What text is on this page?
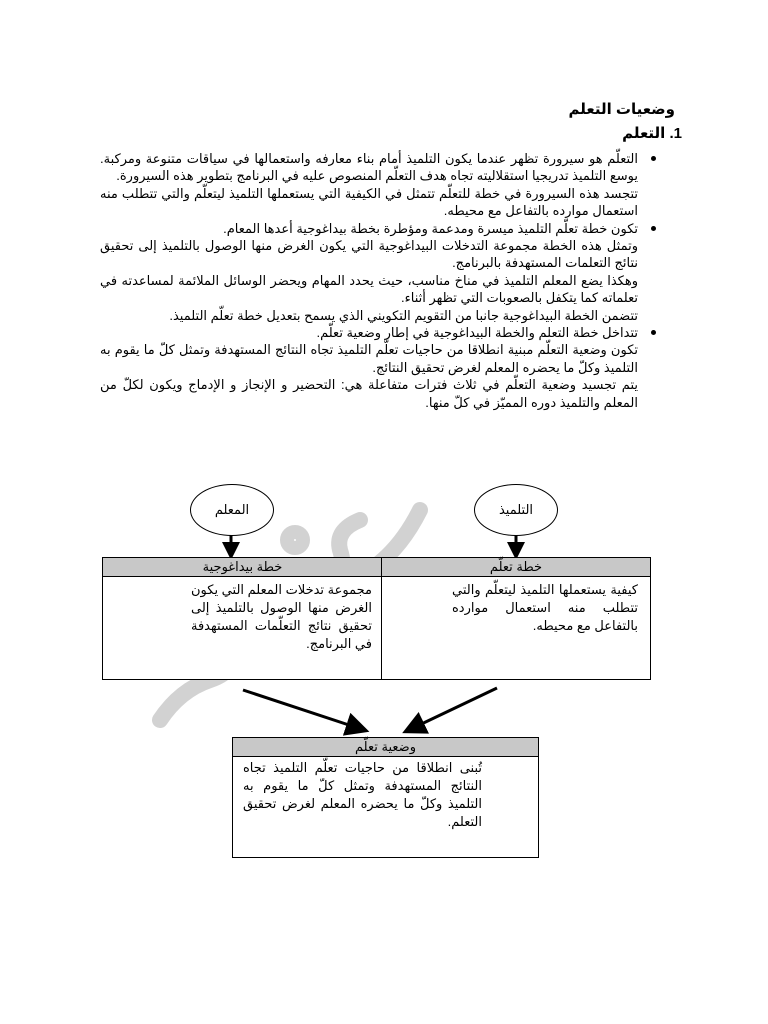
وضعيات التعلم
1. التعلم

التعلّم هو سيرورة تظهر عندما يكون التلميذ أمام بناء معارفه واستعمالها في سياقات متنوعة ومركبة. يوسع التلميذ تدريجيا استقلاليته تجاه هدف التعلّم المنصوص عليه في البرنامج بتطوير هذه السيرورة.

تتجسد هذه السيرورة في خطة للتعلّم تتمثل في الكيفية التي يستعملها التلميذ ليتعلّم والتي تتطلب منه استعمال موارده بالتفاعل مع محيطه.

تكون خطة تعلّم التلميذ ميسرة ومدعمة ومؤطرة بخطة بيداغوجية أعدها المعام.

وتمثل هذه الخطة مجموعة التدخلات البيداغوجية التي يكون الغرض منها الوصول بالتلميذ إلى تحقيق نتائج التعلمات المستهدفة بالبرنامج.

وهكذا يضع المعلم التلميذ في مناخ مناسب، حيث يحدد المهام ويحضر الوسائل الملائمة لمساعدته في تعلماته كما يتكفل بالصعوبات التي تظهر أثناء.

تتضمن الخطة البيداغوجية جانبا من التقويم التكويني الذي يسمح بتعديل خطة تعلّم التلميذ.

تتداخل خطة التعلم والخطة البيداغوجية في إطار وضعية تعلّم.

تكون وضعية التعلّم مبنية انطلاقا من حاجيات تعلّم التلميذ تجاه النتائج المستهدفة وتمثل كلّ ما يقوم به التلميذ وكلّ ما يحضره المعلم لغرض تحقيق النتائج.

يتم تجسيد وضعية التعلّم في ثلاث فترات متفاعلة هي: التحضير و الإنجاز و الإدماج ويكون لكلّ من المعلم والتلميذ دوره المميّز في كلّ منها.

المعلم	التلميذ
خطة بيداغوجية
مجموعة تدخلات المعلم التي يكون الغرض منها الوصول بالتلميذ إلى تحقيق نتائج التعلّمات المستهدفة في البرنامج.
خطة تعلّم
كيفية يستعملها التلميذ ليتعلّم والتي تتطلب منه استعمال موارده بالتفاعل مع محيطه.
وضعية تعلّم
تُبنى انطلاقا من حاجيات تعلّم التلميذ تجاه النتائج المستهدفة وتمثل كلّ ما يقوم به التلميذ وكلّ ما يحضره المعلم لغرض تحقيق التعلم.
